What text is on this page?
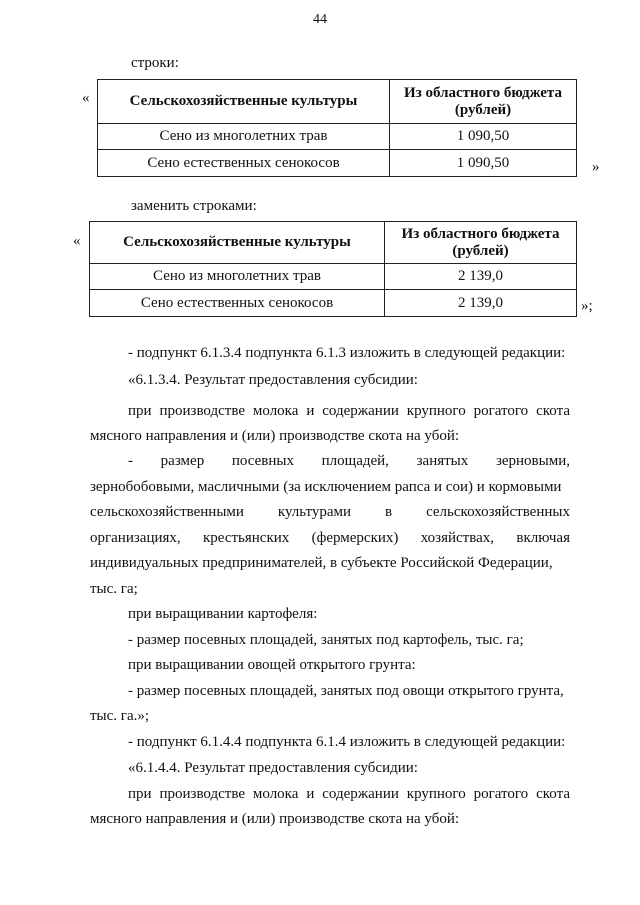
44
строки:
«	Сельскохозяйственные культуры	Из областного бюджета (рублей)
Сено из многолетних трав	1 090,50
Сено естественных сенокосов	1 090,50	»
заменить строками:
«	Сельскохозяйственные культуры	Из областного бюджета (рублей)
Сено из многолетних трав	2 139,0
Сено естественных сенокосов	2 139,0	»;
- подпункт 6.1.3.4 подпункта 6.1.3 изложить в следующей редакции:
«6.1.3.4. Результат предоставления субсидии:
при производстве молока и содержании крупного рогатого скота
мясного направления и (или) производстве скота на убой:
- размер посевных площадей, занятых зерновыми,
зернобобовыми, масличными (за исключением рапса и сои) и кормовыми
сельскохозяйственными культурами в сельскохозяйственных
организациях, крестьянских (фермерских) хозяйствах, включая
индивидуальных предпринимателей, в субъекте Российской Федерации,
тыс. га;
при выращивании картофеля:
- размер посевных площадей, занятых под картофель, тыс. га;
при выращивании овощей открытого грунта:
- размер посевных площадей, занятых под овощи открытого грунта,
тыс. га.»;
- подпункт 6.1.4.4 подпункта 6.1.4 изложить в следующей редакции:
«6.1.4.4. Результат предоставления субсидии:
при производстве молока и содержании крупного рогатого скота
мясного направления и (или) производстве скота на убой:
